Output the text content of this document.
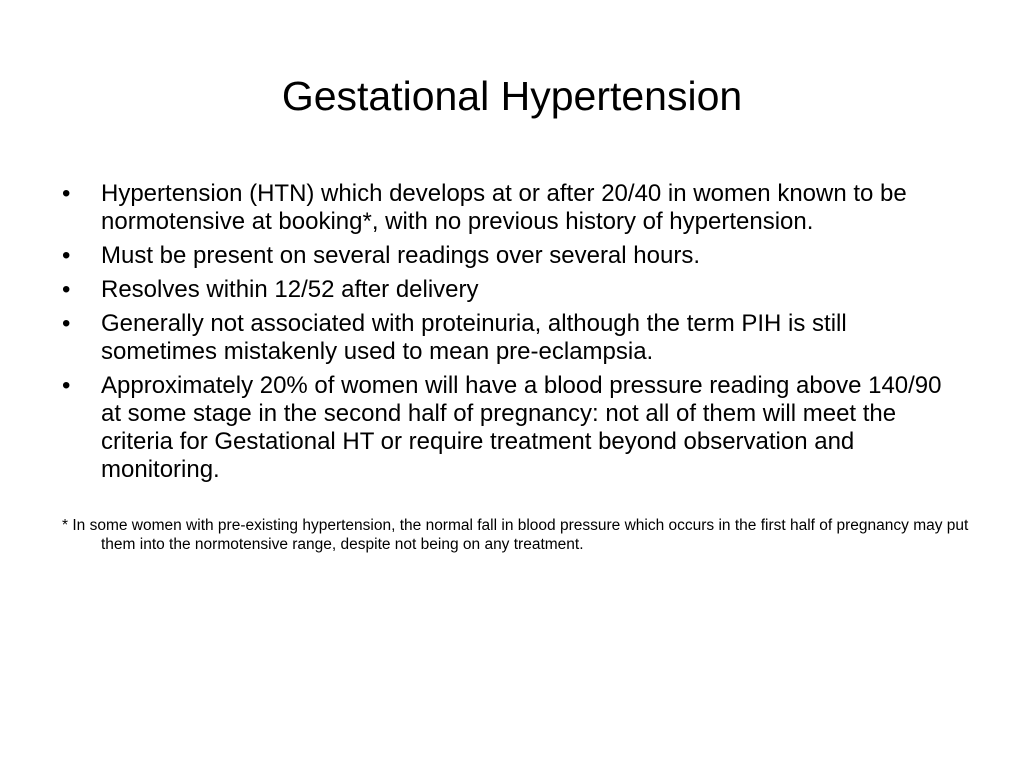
Gestational Hypertension
•	Hypertension (HTN) which develops at or after 20/40 in women known to be normotensive at booking*, with no previous history of hypertension.
•	Must be present on several readings over several hours.
•	Resolves within 12/52 after delivery
•	Generally not associated with proteinuria, although the term PIH is still sometimes mistakenly used to mean pre-eclampsia.
•	Approximately 20% of women will have a blood pressure reading above 140/90 at some stage in the second half of pregnancy: not all of them will meet the criteria for Gestational HT or require treatment beyond observation and monitoring.

* In some women with pre-existing hypertension, the normal fall in blood pressure which occurs in the first half of pregnancy may put them into the normotensive range, despite not being on any treatment.
